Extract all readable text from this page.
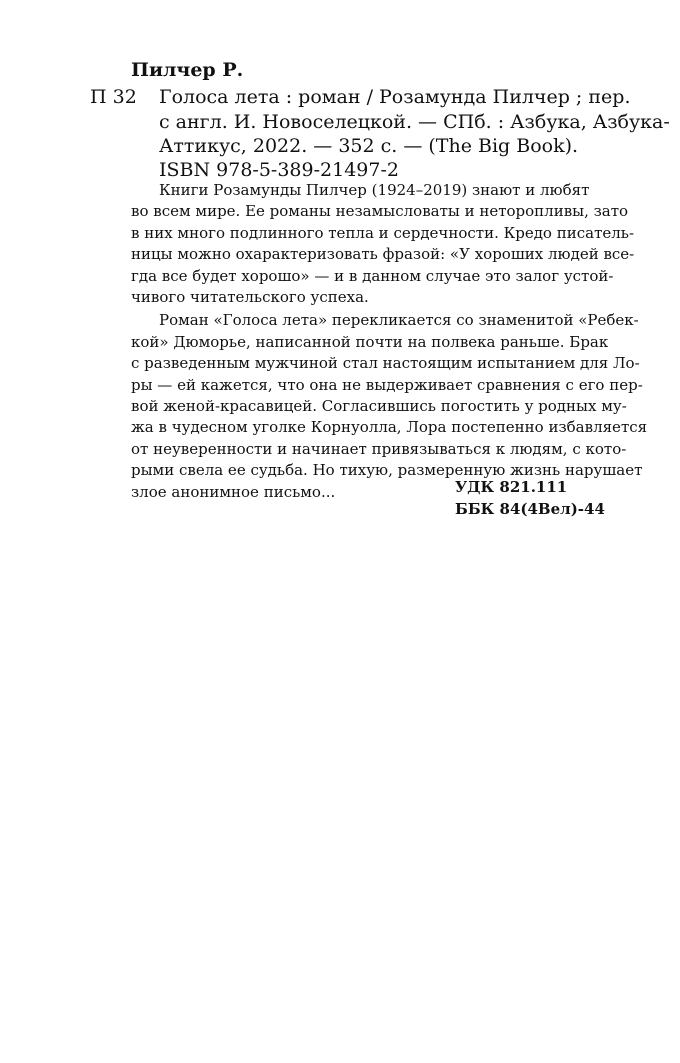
Пилчер Р.
П 32 Голоса лета : роман / Розамунда Пилчер ; пер.
с англ. И. Новоселецкой. — СПб. : Азбука, Азбука-
Аттикус, 2022. — 352 с. — (The Big Book).
ISBN 978-5-389-21497-2
Книги Розамунды Пилчер (1924–2019) знают и любят
во всем мире. Ее романы незамысловаты и неторопливы, зато
в них много подлинного тепла и сердечности. Кредо писатель-
ницы можно охарактеризовать фразой: «У хороших людей все-
гда все будет хорошо» — и в данном случае это залог устой-
чивого читательского успеха.
Роман «Голоса лета» перекликается со знаменитой «Ребек-
кой» Дюморье, написанной почти на полвека раньше. Брак
с разведенным мужчиной стал настоящим испытанием для Ло-
ры — ей кажется, что она не выдерживает сравнения с его пер-
вой женой-красавицей. Согласившись погостить у родных му-
жа в чудесном уголке Корнуолла, Лора постепенно избавляется
от неуверенности и начинает привязываться к людям, с кото-
рыми свела ее судьба. Но тихую, размеренную жизнь нарушает
злое анонимное письмо...	УДК 821.111
ББК 84(4Вел)-44
